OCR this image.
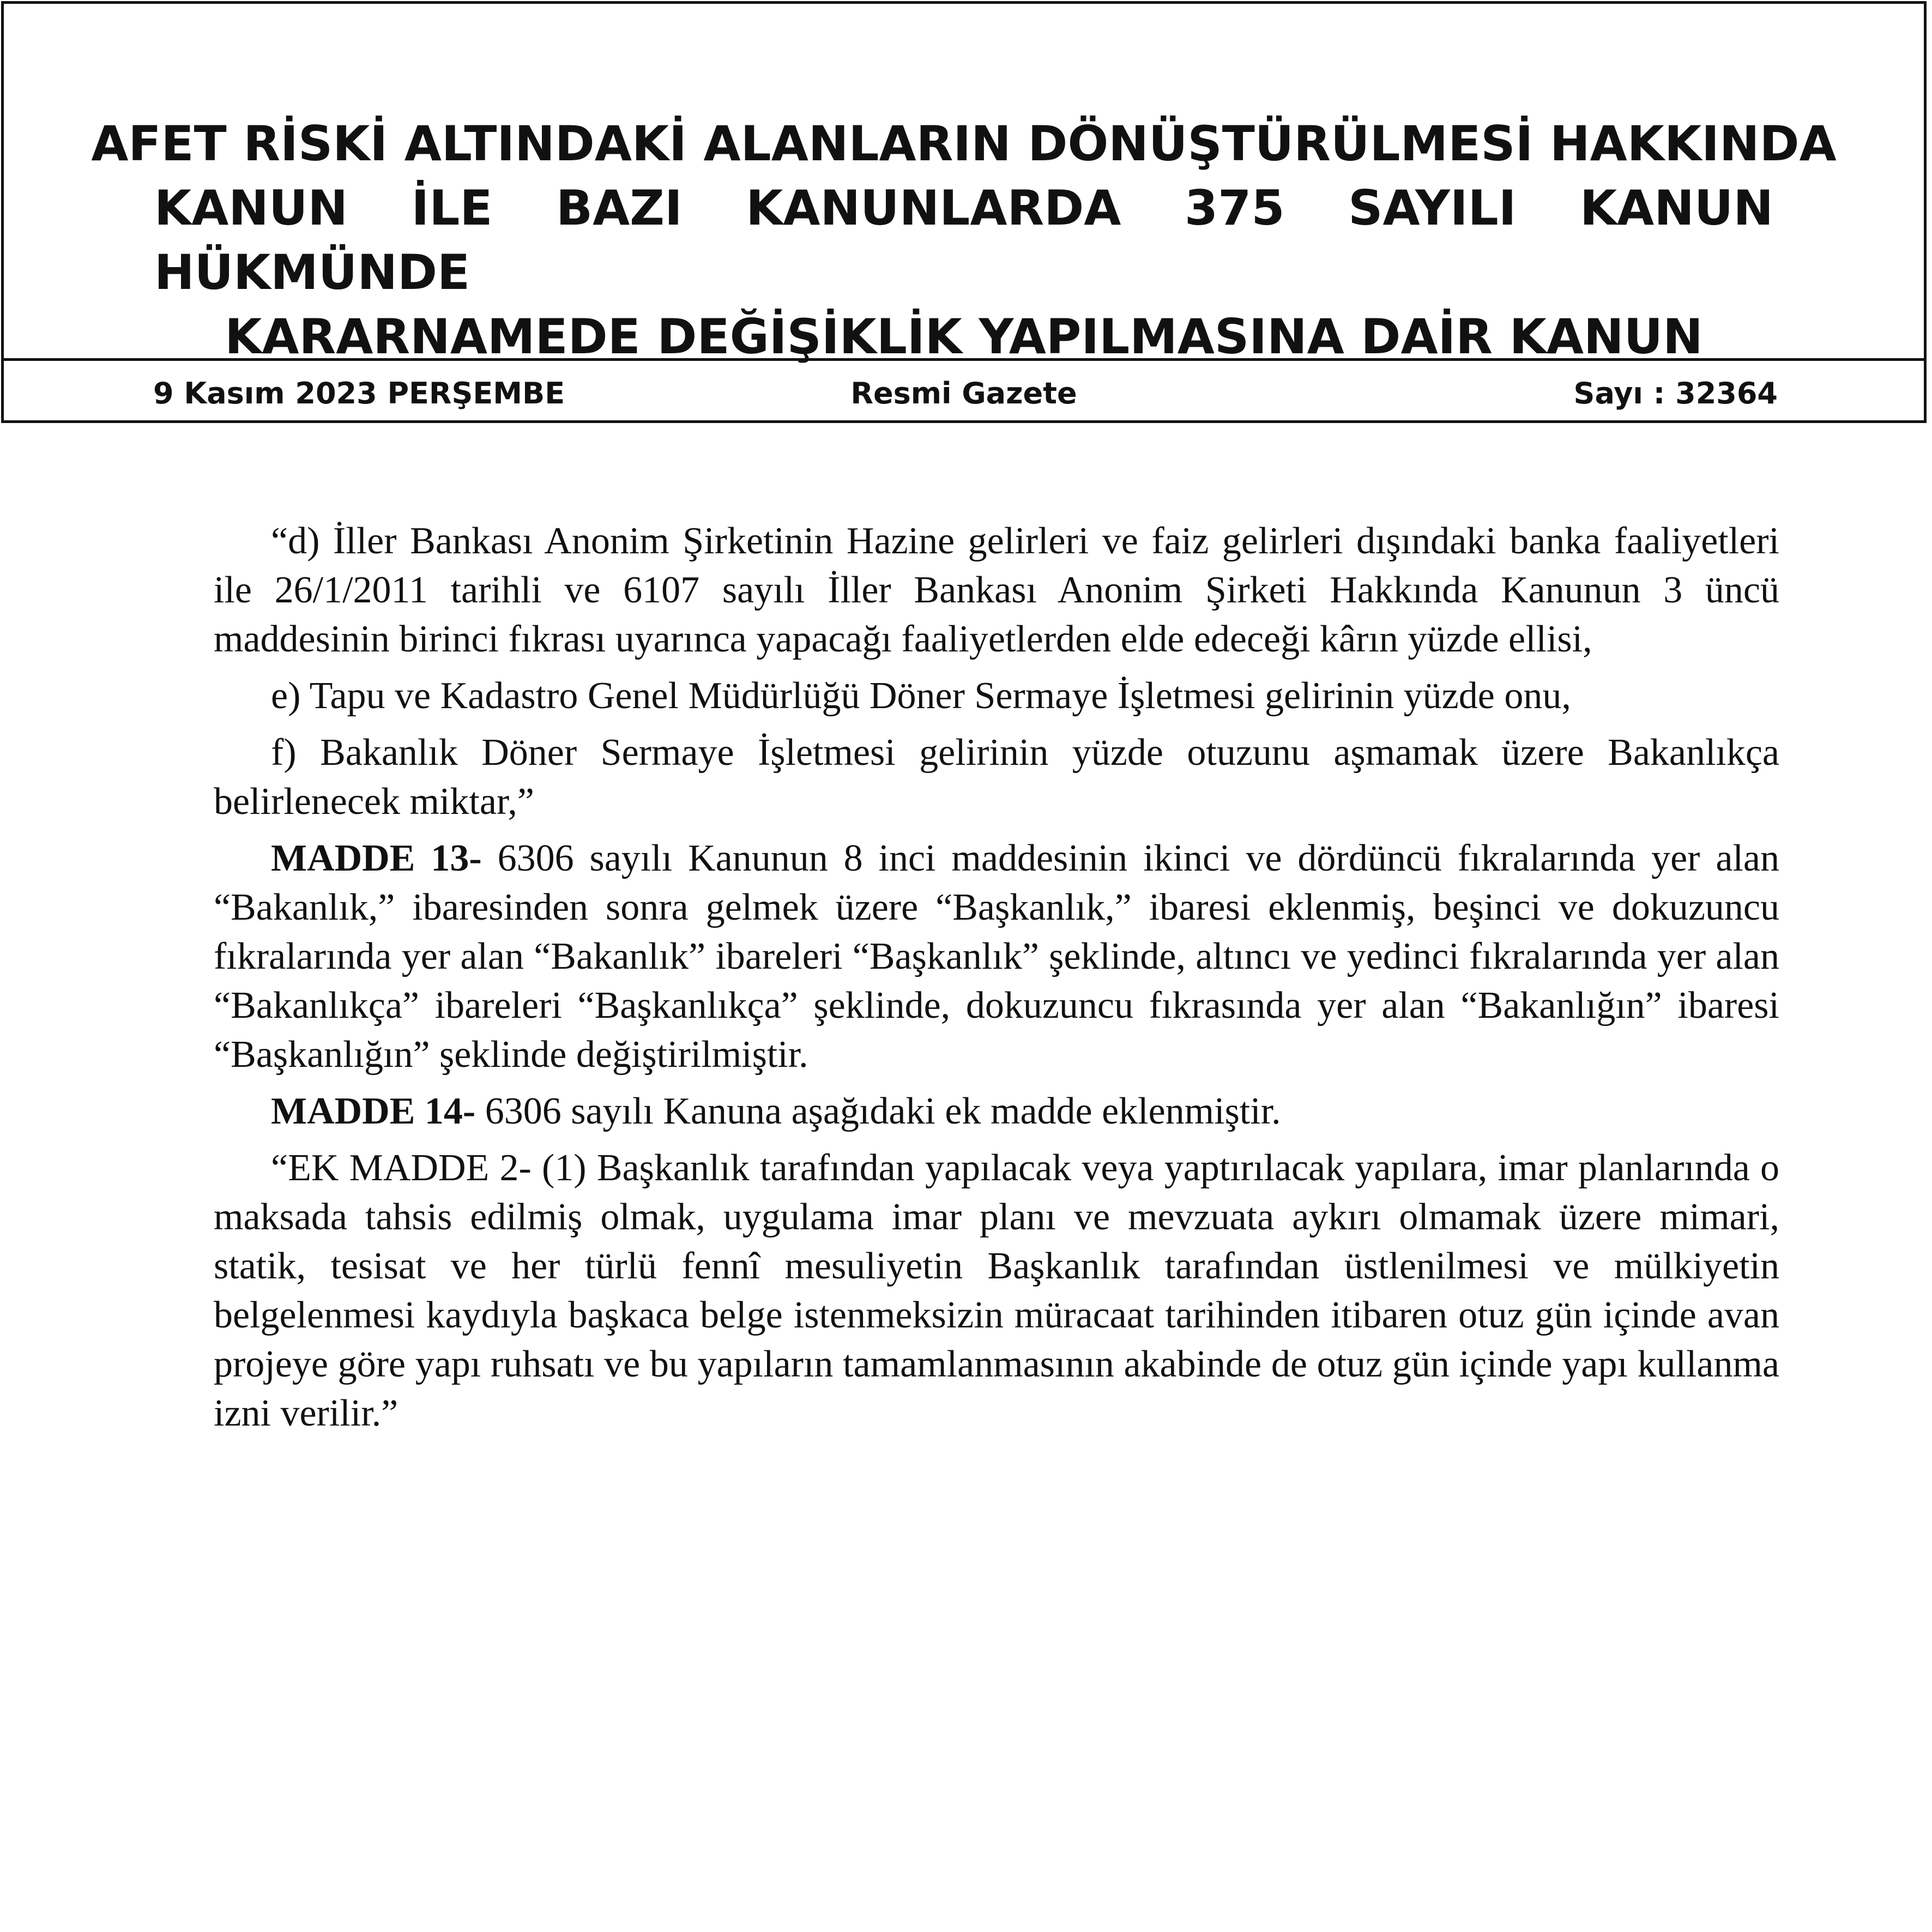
AFET RİSKİ ALTINDAKİ ALANLARIN DÖNÜŞTÜRÜLMESİ HAKKINDA
KANUN İLE BAZI KANUNLARDA 375 SAYILI KANUN HÜKMÜNDE
KARARNAMEDE DEĞİŞİKLİK YAPILMASINA DAİR KANUN
9 Kasım 2023 PERŞEMBE	Resmi Gazete	Sayı : 32364

“d) İller Bankası Anonim Şirketinin Hazine gelirleri ve faiz gelirleri dışındaki banka faaliyetleri ile 26/1/2011 tarihli ve 6107 sayılı İller Bankası Anonim Şirketi Hakkında Kanunun 3 üncü maddesinin birinci fıkrası uyarınca yapacağı faaliyetlerden elde edeceği kârın yüzde ellisi,

e) Tapu ve Kadastro Genel Müdürlüğü Döner Sermaye İşletmesi gelirinin yüzde onu,

f) Bakanlık Döner Sermaye İşletmesi gelirinin yüzde otuzunu aşmamak üzere Bakanlıkça belirlenecek miktar,”

MADDE 13- 6306 sayılı Kanunun 8 inci maddesinin ikinci ve dördüncü fıkralarında yer alan “Bakanlık,” ibaresinden sonra gelmek üzere “Başkanlık,” ibaresi eklenmiş, beşinci ve dokuzuncu fıkralarında yer alan “Bakanlık” ibareleri “Başkanlık” şeklinde, altıncı ve yedinci fıkralarında yer alan “Bakanlıkça” ibareleri “Başkanlıkça” şeklinde, dokuzuncu fıkrasında yer alan “Bakanlığın” ibaresi “Başkanlığın” şeklinde değiştirilmiştir.

MADDE 14- 6306 sayılı Kanuna aşağıdaki ek madde eklenmiştir.

“EK MADDE 2- (1) Başkanlık tarafından yapılacak veya yaptırılacak yapılara, imar planlarında o maksada tahsis edilmiş olmak, uygulama imar planı ve mevzuata aykırı olmamak üzere mimari, statik, tesisat ve her türlü fennî mesuliyetin Başkanlık tarafından üstlenilmesi ve mülkiyetin belgelenmesi kaydıyla başkaca belge istenmeksizin müracaat tarihinden itibaren otuz gün içinde avan projeye göre yapı ruhsatı ve bu yapıların tamamlanmasının akabinde de otuz gün içinde yapı kullanma izni verilir.”
